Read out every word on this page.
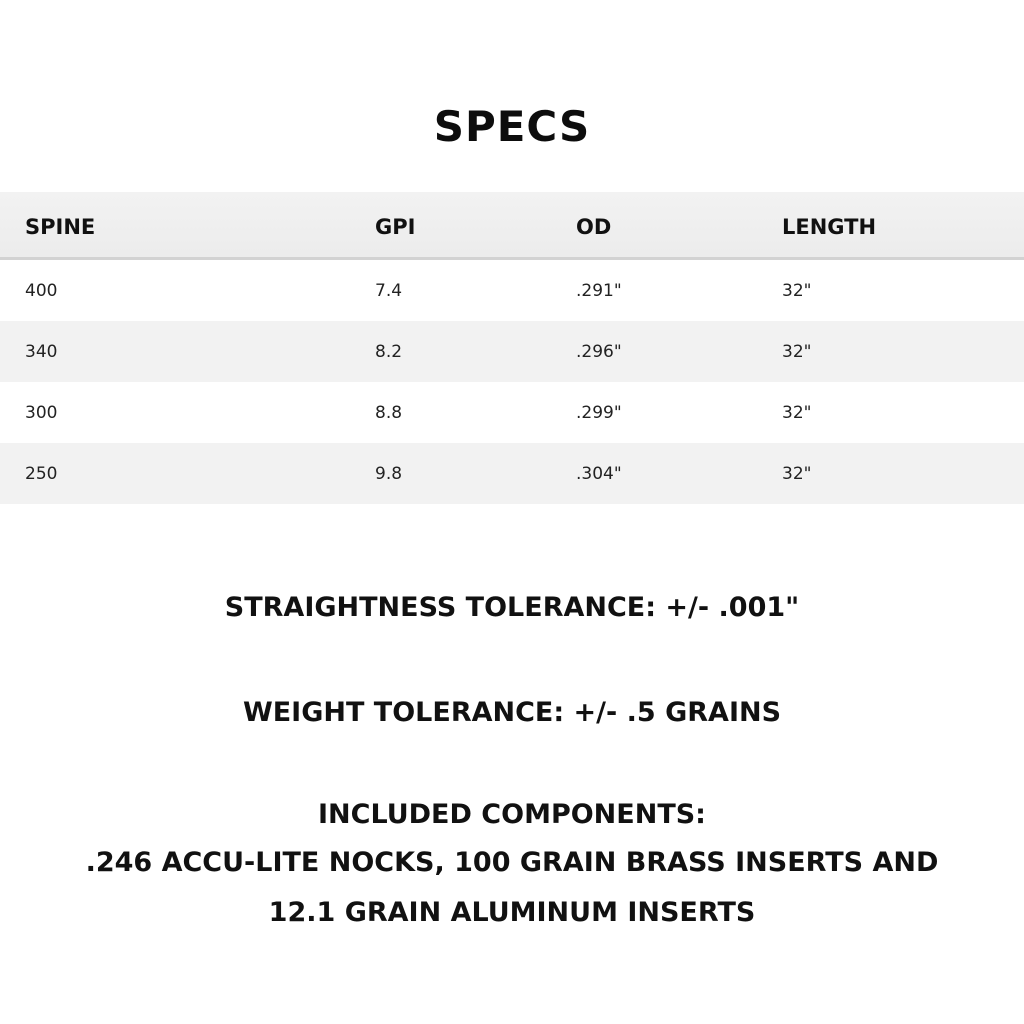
SPECS
SPINE	GPI	OD	LENGTH
400	7.4	.291"	32"
340	8.2	.296"	32"
300	8.8	.299"	32"
250	9.8	.304"	32"
STRAIGHTNESS TOLERANCE: +/- .001"
WEIGHT TOLERANCE: +/- .5 GRAINS
INCLUDED COMPONENTS:
.246 ACCU-LITE NOCKS, 100 GRAIN BRASS INSERTS AND
12.1 GRAIN ALUMINUM INSERTS
